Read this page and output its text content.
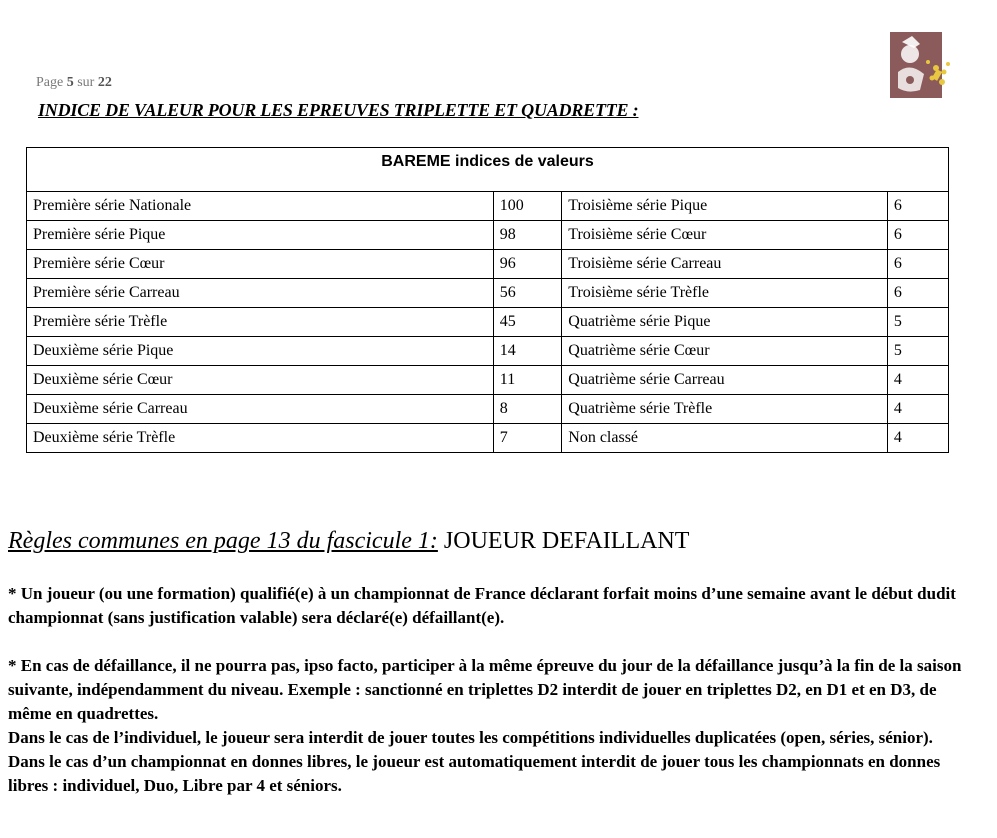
Page 5 sur 22
INDICE DE VALEUR POUR LES EPREUVES TRIPLETTE ET QUADRETTE :
BAREME indices de valeurs			
Première série Nationale	100	Troisième série Pique	6
Première série Pique	98	Troisième série Cœur	6
Première série Cœur	96	Troisième série Carreau	6
Première série Carreau	56	Troisième série Trèfle	6
Première série Trèfle	45	Quatrième série Pique	5
Deuxième série Pique	14	Quatrième série Cœur	5
Deuxième série Cœur	11	Quatrième série Carreau	4
Deuxième série Carreau	8	Quatrième série Trèfle	4
Deuxième série Trèfle	7	Non classé	4
Règles communes en page 13 du fascicule 1: JOUEUR DEFAILLANT

* Un joueur (ou une formation) qualifié(e) à un championnat de France déclarant forfait moins d’une semaine avant le début dudit championnat (sans justification valable) sera déclaré(e) défaillant(e).

* En cas de défaillance, il ne pourra pas, ipso facto, participer à la même épreuve du jour de la défaillance jusqu’à la fin de la saison suivante, indépendamment du niveau. Exemple : sanctionné en triplettes D2 interdit de jouer en triplettes D2, en D1 et en D3, de même en quadrettes.

Dans le cas de l’individuel, le joueur sera interdit de jouer toutes les compétitions individuelles duplicatées (open, séries, sénior).

Dans le cas d’un championnat en donnes libres, le joueur est automatiquement interdit de jouer tous les championnats en donnes libres : individuel, Duo, Libre par 4 et séniors.
